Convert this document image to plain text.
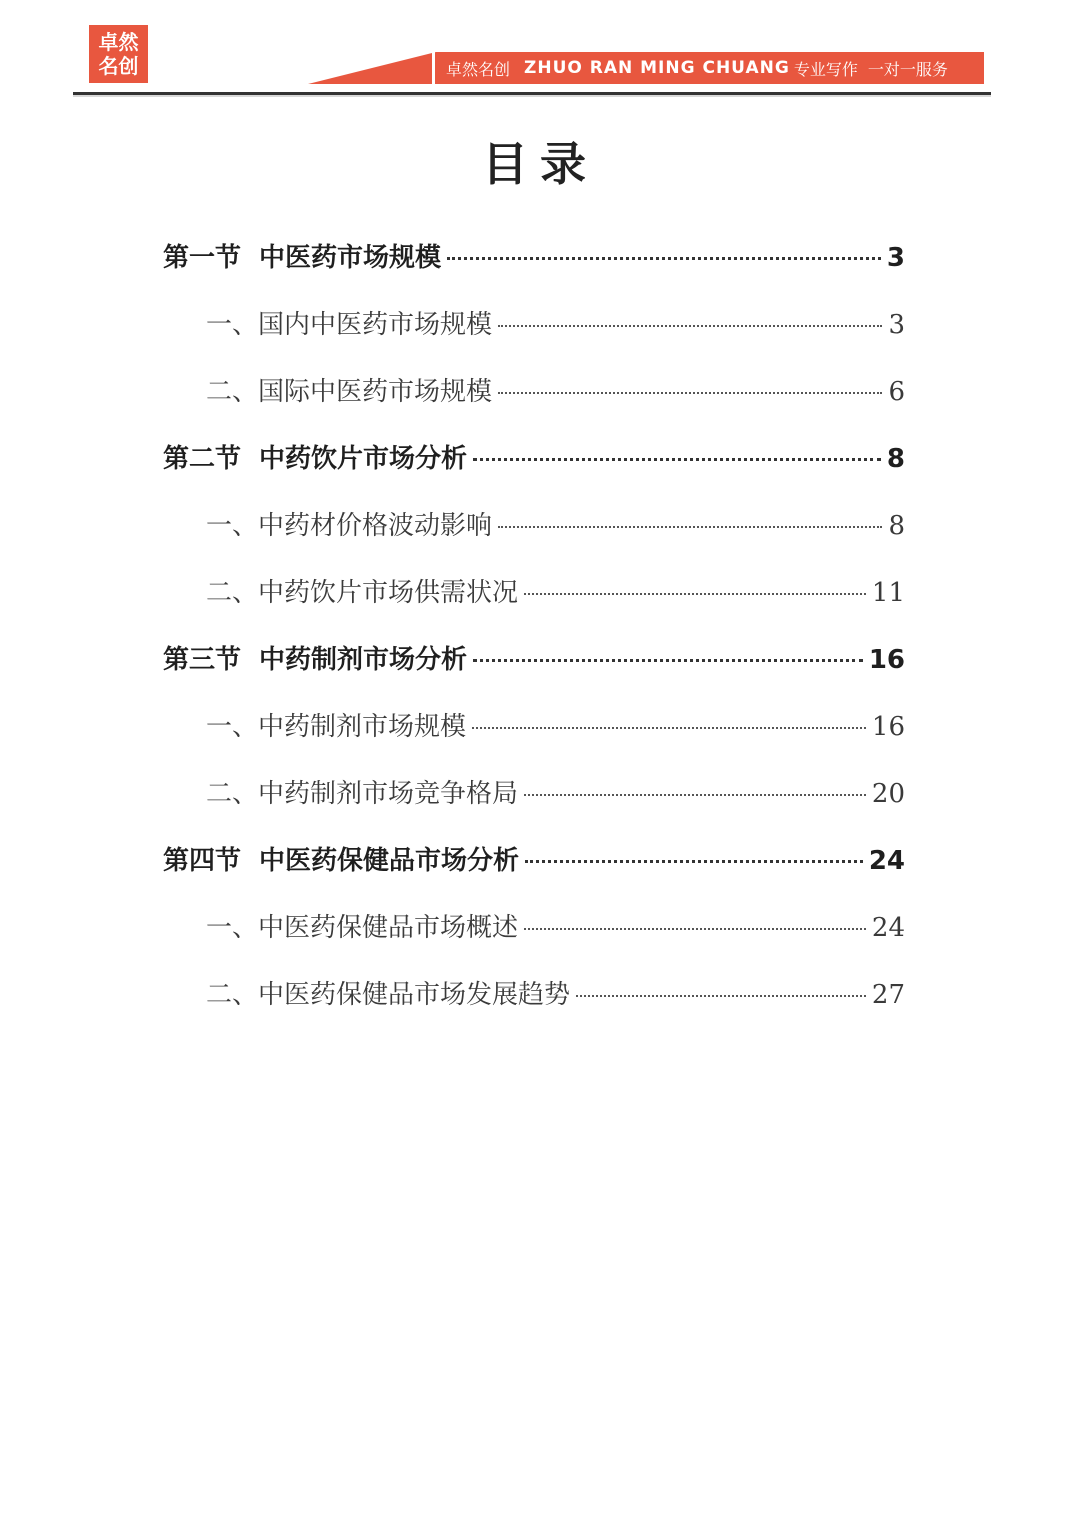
卓然
名创	卓然名创 ZHUO RAN MING CHUANG 专业写作 一对一服务
目录
第一节 中医药市场规模	3
一、 国内中医药市场规模	3
二、 国际中医药市场规模	6
第二节 中药饮片市场分析	8
一、 中药材价格波动影响	8
二、 中药饮片市场供需状况	11
第三节 中药制剂市场分析	16
一、 中药制剂市场规模	16
二、 中药制剂市场竞争格局	20
第四节 中医药保健品市场分析	24
一、 中医药保健品市场概述	24
二、 中医药保健品市场发展趋势	27
